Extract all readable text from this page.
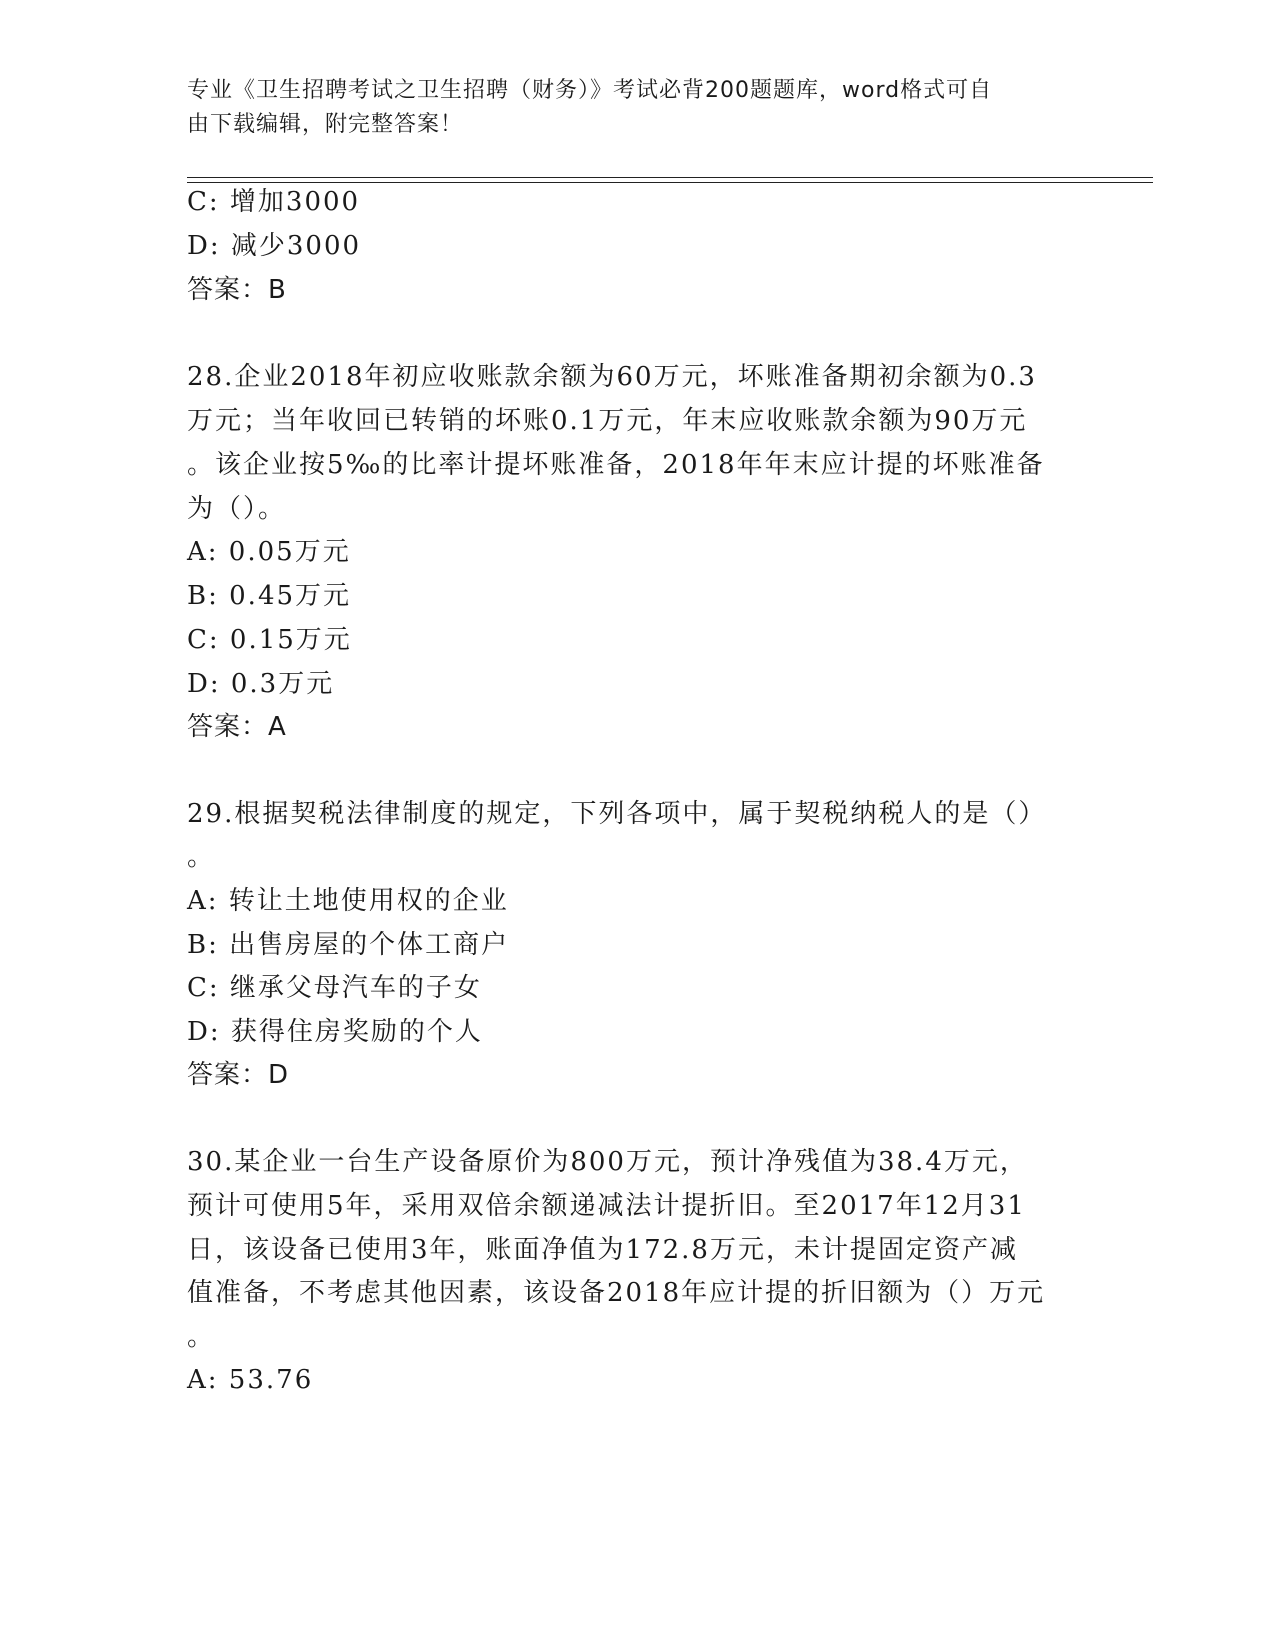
专业《卫生招聘考试之卫生招聘（财务）》考试必背200题题库，word格式可自
由下载编辑，附完整答案！
C: 增加3000
D: 减少3000
答案：B
28.企业2018年初应收账款余额为60万元，坏账准备期初余额为0.3
万元；当年收回已转销的坏账0.1万元，年末应收账款余额为90万元
。该企业按5‰的比率计提坏账准备，2018年年末应计提的坏账准备
为（）。
A: 0.05万元
B: 0.45万元
C: 0.15万元
D: 0.3万元
答案：A
29.根据契税法律制度的规定，下列各项中，属于契税纳税人的是（）
。
A: 转让土地使用权的企业
B: 出售房屋的个体工商户
C: 继承父母汽车的子女
D: 获得住房奖励的个人
答案：D
30.某企业一台生产设备原价为800万元，预计净残值为38.4万元，
预计可使用5年，采用双倍余额递减法计提折旧。至2017年12月31
日，该设备已使用3年，账面净值为172.8万元，未计提固定资产减
值准备，不考虑其他因素，该设备2018年应计提的折旧额为（）万元
。
A: 53.76
